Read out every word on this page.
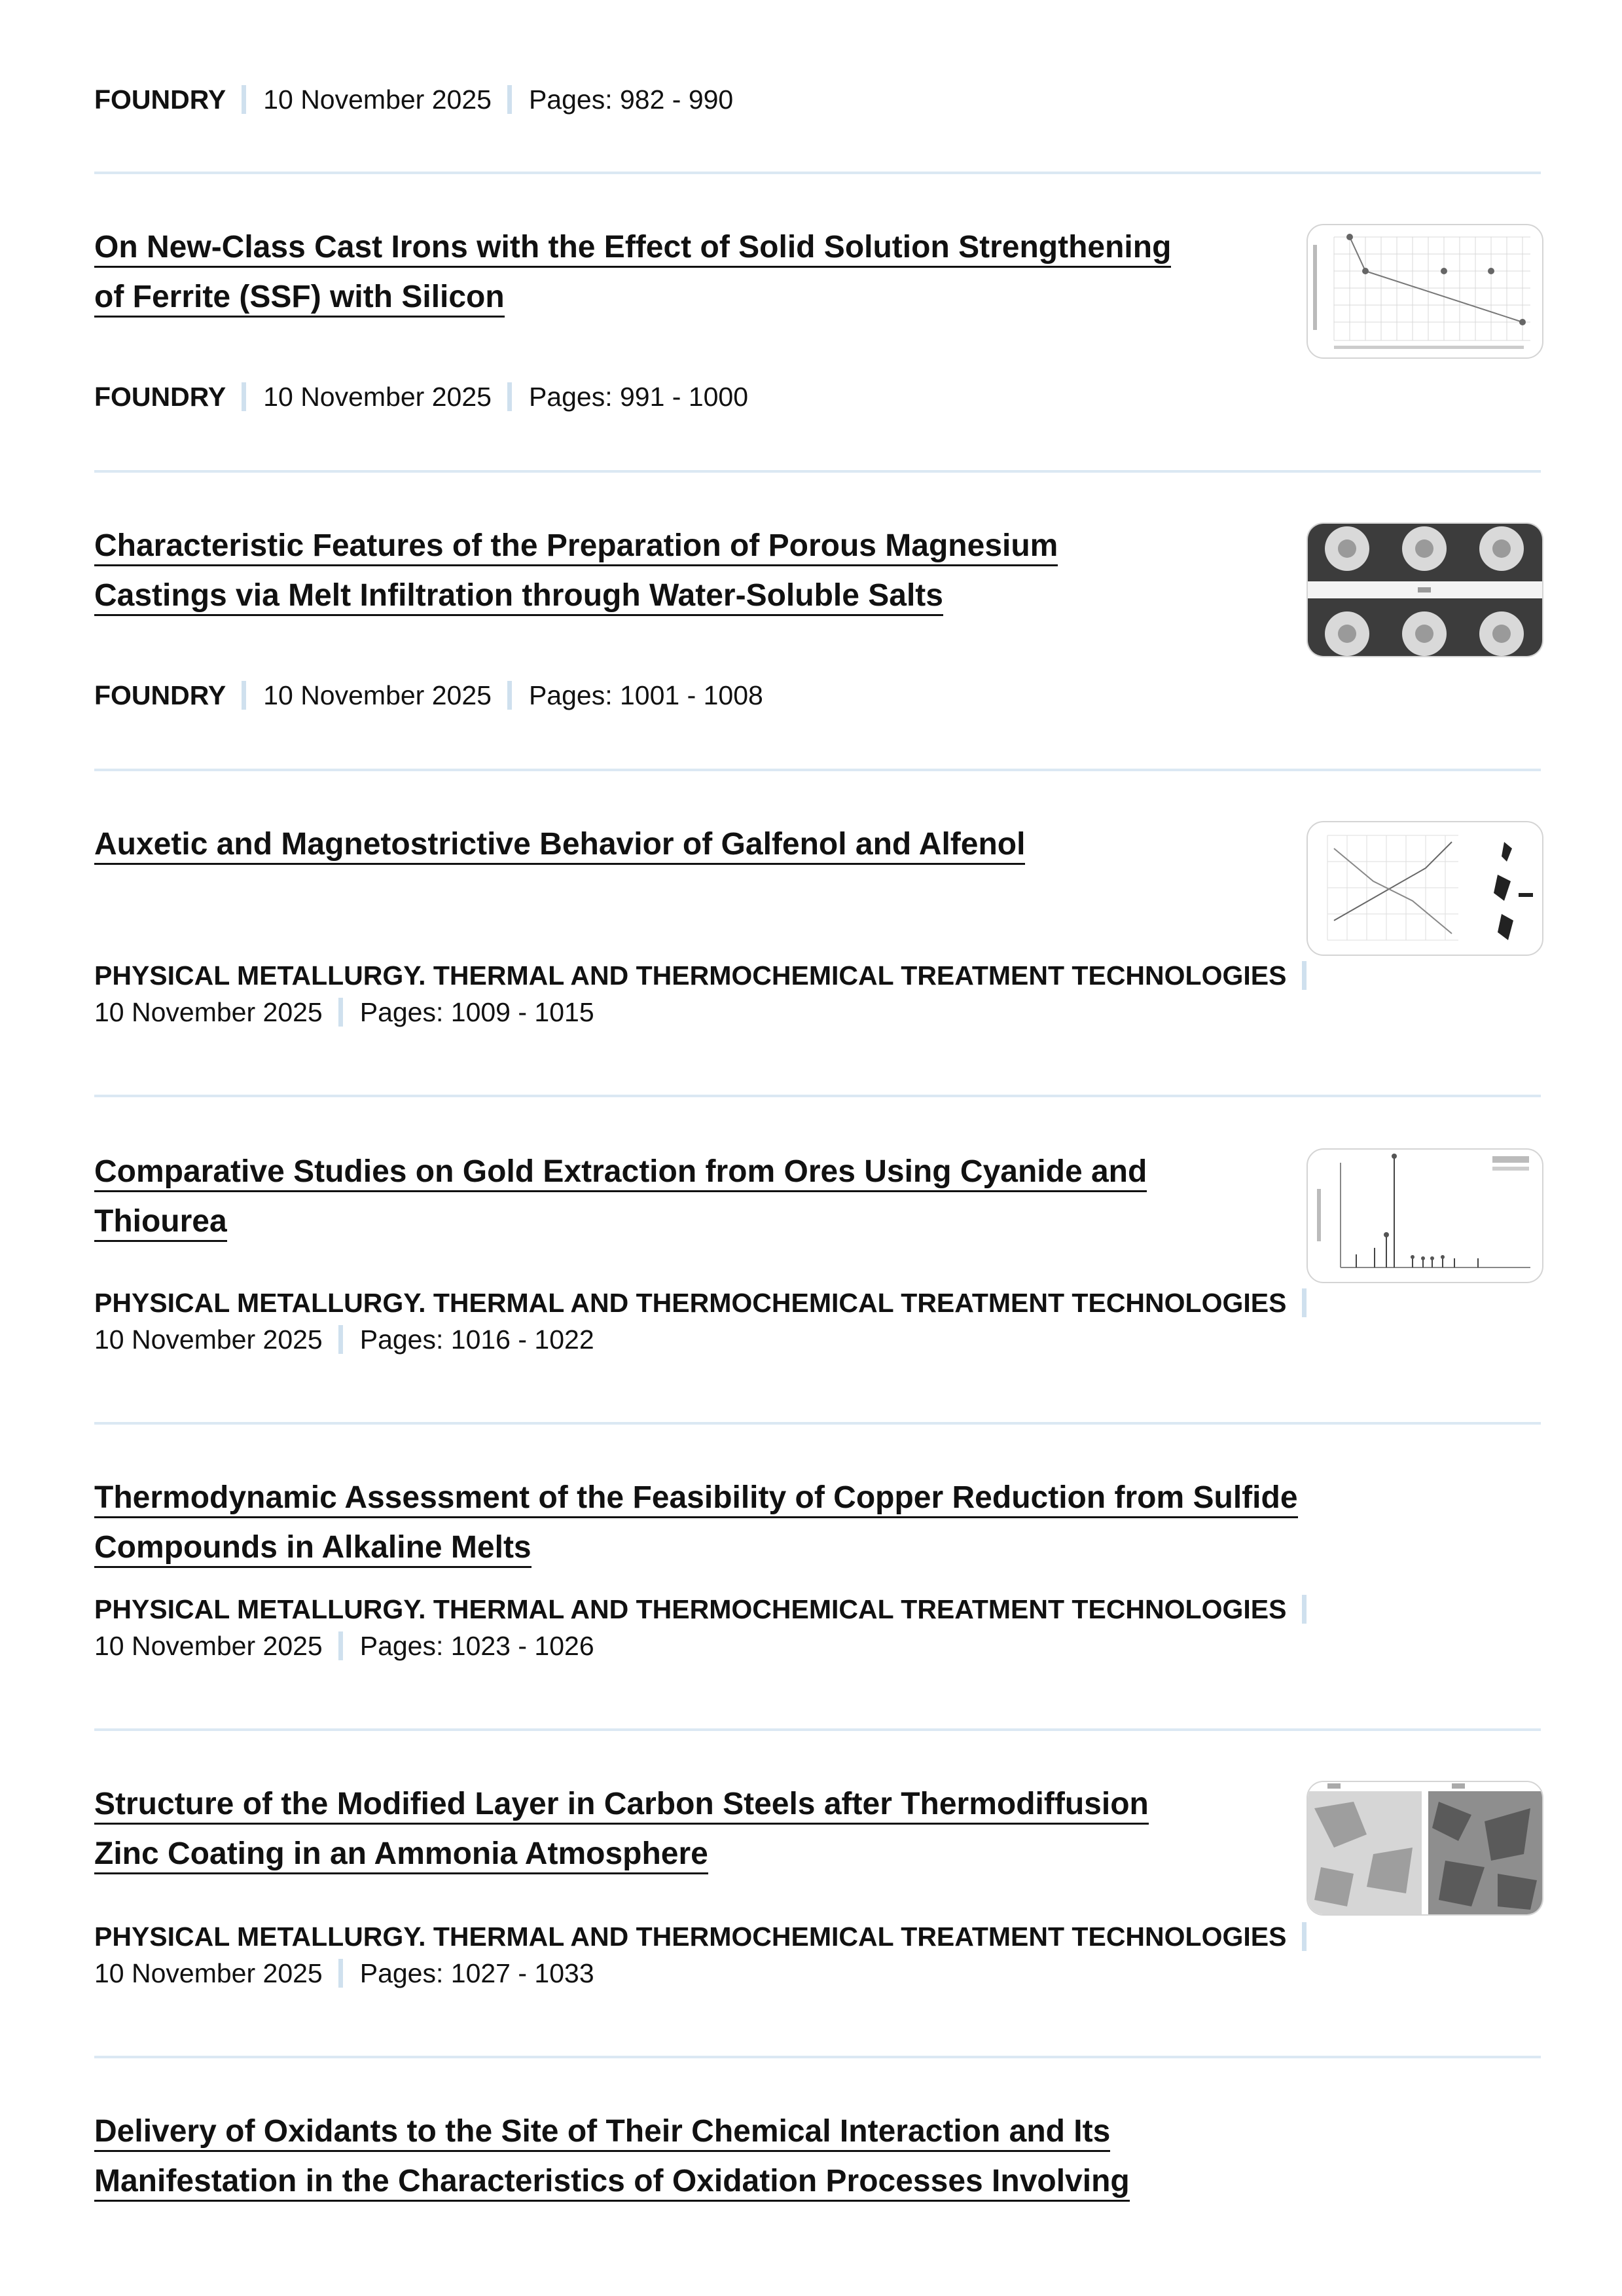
FOUNDRY 10 November 2025 Pages: 982 - 990
On New-Class Cast Irons with the Effect of Solid Solution Strengthening
of Ferrite (SSF) with Silicon
FOUNDRY 10 November 2025 Pages: 991 - 1000
Characteristic Features of the Preparation of Porous Magnesium
Castings via Melt Infiltration through Water-Soluble Salts
FOUNDRY 10 November 2025 Pages: 1001 - 1008
Auxetic and Magnetostrictive Behavior of Galfenol and Alfenol
PHYSICAL METALLURGY. THERMAL AND THERMOCHEMICAL TREATMENT TECHNOLOGIES
10 November 2025 Pages: 1009 - 1015
Comparative Studies on Gold Extraction from Ores Using Cyanide and
Thiourea
PHYSICAL METALLURGY. THERMAL AND THERMOCHEMICAL TREATMENT TECHNOLOGIES
10 November 2025 Pages: 1016 - 1022
Thermodynamic Assessment of the Feasibility of Copper Reduction from Sulfide
Compounds in Alkaline Melts
PHYSICAL METALLURGY. THERMAL AND THERMOCHEMICAL TREATMENT TECHNOLOGIES
10 November 2025 Pages: 1023 - 1026
Structure of the Modified Layer in Carbon Steels after Thermodiffusion
Zinc Coating in an Ammonia Atmosphere
PHYSICAL METALLURGY. THERMAL AND THERMOCHEMICAL TREATMENT TECHNOLOGIES
10 November 2025 Pages: 1027 - 1033
Delivery of Oxidants to the Site of Their Chemical Interaction and Its
Manifestation in the Characteristics of Oxidation Processes Involving
